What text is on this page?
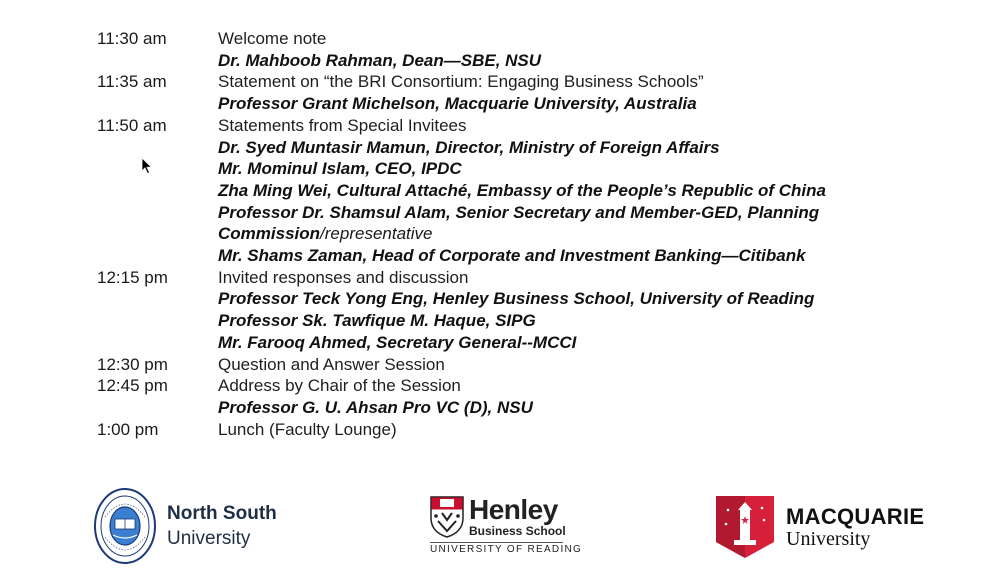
11:30 am	Welcome note
Dr. Mahboob Rahman, Dean—SBE, NSU
11:35 am	Statement on “the BRI Consortium: Engaging Business Schools”
Professor Grant Michelson, Macquarie University, Australia
11:50 am	Statements from Special Invitees
Dr. Syed Muntasir Mamun, Director, Ministry of Foreign Affairs
Mr. Mominul Islam, CEO, IPDC
Zha Ming Wei, Cultural Attaché, Embassy of the People’s Republic of China
Professor Dr. Shamsul Alam, Senior Secretary and Member-GED, Planning
Commission/representative
Mr. Shams Zaman, Head of Corporate and Investment Banking—Citibank
12:15 pm	Invited responses and discussion
Professor Teck Yong Eng, Henley Business School, University of Reading
Professor Sk. Tawfique M. Haque, SIPG
Mr. Farooq Ahmed, Secretary General--MCCI
12:30 pm	Question and Answer Session
12:45 pm	Address by Chair of the Session
Professor G. U. Ahsan Pro VC (D), NSU
1:00 pm	Lunch (Faculty Lounge)
North South
University
Henley
Business School
UNIVERSITY OF READING
MACQUARIE
University
